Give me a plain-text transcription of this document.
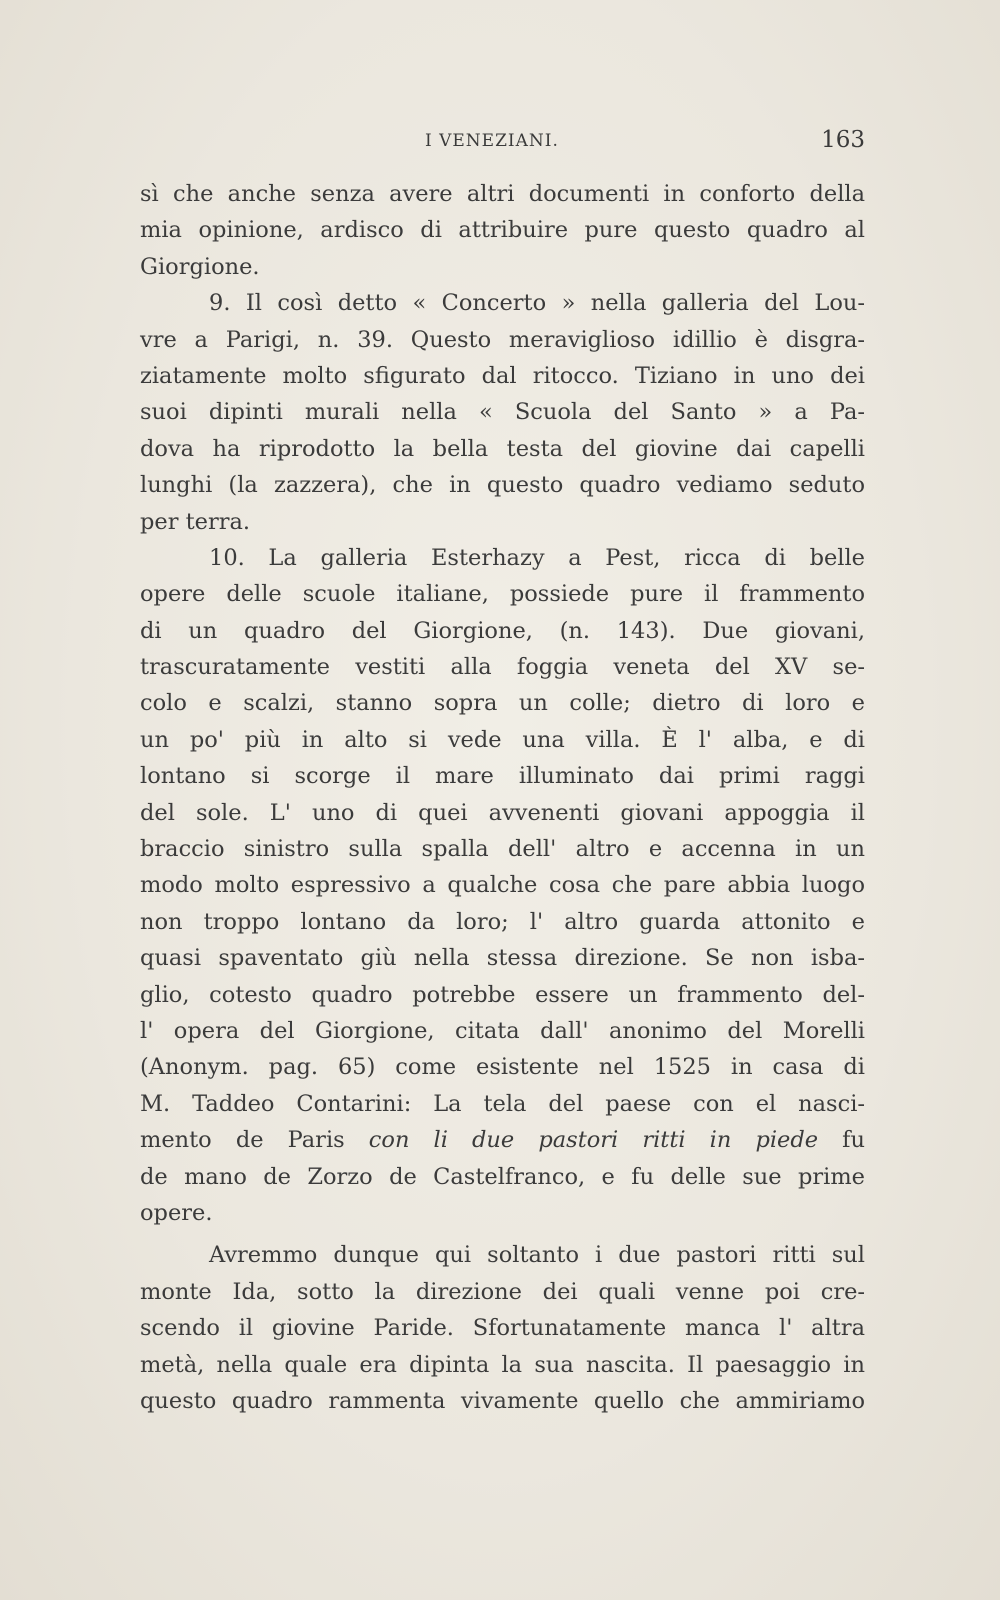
I VENEZIANI.	163
sì che anche senza avere altri documenti in conforto della
mia opinione, ardisco di attribuire pure questo quadro al
Giorgione.
9. Il così detto « Concerto » nella galleria del Lou-
vre a Parigi, n. 39. Questo meraviglioso idillio è disgra-
ziatamente molto sfigurato dal ritocco. Tiziano in uno dei
suoi dipinti murali nella « Scuola del Santo » a Pa-
dova ha riprodotto la bella testa del giovine dai capelli
lunghi (la zazzera), che in questo quadro vediamo seduto
per terra.
10. La galleria Esterhazy a Pest, ricca di belle
opere delle scuole italiane, possiede pure il frammento
di un quadro del Giorgione, (n. 143). Due giovani,
trascuratamente vestiti alla foggia veneta del XV se-
colo e scalzi, stanno sopra un colle; dietro di loro e
un po' più in alto si vede una villa. È l' alba, e di
lontano si scorge il mare illuminato dai primi raggi
del sole. L' uno di quei avvenenti giovani appoggia il
braccio sinistro sulla spalla dell' altro e accenna in un
modo molto espressivo a qualche cosa che pare abbia luogo
non troppo lontano da loro; l' altro guarda attonito e
quasi spaventato giù nella stessa direzione. Se non isba-
glio, cotesto quadro potrebbe essere un frammento del-
l' opera del Giorgione, citata dall' anonimo del Morelli
(Anonym. pag. 65) come esistente nel 1525 in casa di
M. Taddeo Contarini: La tela del paese con el nasci-
mento de Paris con li due pastori ritti in piede fu
de mano de Zorzo de Castelfranco, e fu delle sue prime
opere.
Avremmo dunque qui soltanto i due pastori ritti sul
monte Ida, sotto la direzione dei quali venne poi cre-
scendo il giovine Paride. Sfortunatamente manca l' altra
metà, nella quale era dipinta la sua nascita. Il paesaggio in
questo quadro rammenta vivamente quello che ammiriamo
